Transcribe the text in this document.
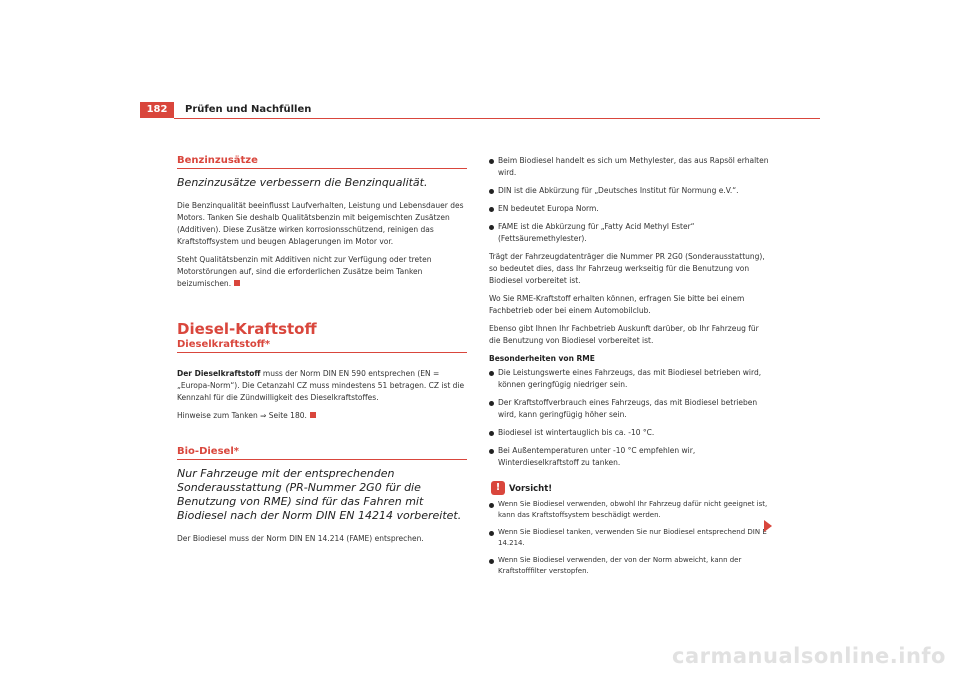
182	Prüfen und Nachfüllen
Benzinzusätze
Benzinzusätze verbessern die Benzinqualität.

Die Benzinqualität beeinflusst Laufverhalten, Leistung und Lebensdauer des Motors. Tanken Sie deshalb Qualitätsbenzin mit beigemischten Zusätzen (Additiven). Diese Zusätze wirken korrosionsschützend, reinigen das Kraftstoffsystem und beugen Ablagerungen im Motor vor.

Steht Qualitätsbenzin mit Additiven nicht zur Verfügung oder treten Motorstörungen auf, sind die erforderlichen Zusätze beim Tanken beizumischen.

Diesel-Kraftstoff
Dieselkraftstoff*

Der Dieselkraftstoff muss der Norm DIN EN 590 entsprechen (EN = „Europa-Norm“). Die Cetanzahl CZ muss mindestens 51 betragen. CZ ist die Kennzahl für die Zündwilligkeit des Dieselkraftstoffes.

Hinweise zum Tanken ⇒ Seite 180.

Bio-Diesel*
Nur Fahrzeuge mit der entsprechenden Sonderausstattung (PR-Nummer 2G0 für die Benutzung von RME) sind für das Fahren mit Biodiesel nach der Norm DIN EN 14214 vorbereitet.

Der Biodiesel muss der Norm DIN EN 14.214 (FAME) entsprechen.

Beim Biodiesel handelt es sich um Methylester, das aus Rapsöl erhalten wird.

DIN ist die Abkürzung für „Deutsches Institut für Normung e.V.“.

EN bedeutet Europa Norm.

FAME ist die Abkürzung für „Fatty Acid Methyl Ester“ (Fettsäuremethylester).

Trägt der Fahrzeugdatenträger die Nummer PR 2G0 (Sonderausstattung), so bedeutet dies, dass Ihr Fahrzeug werkseitig für die Benutzung von Biodiesel vorbereitet ist.

Wo Sie RME-Kraftstoff erhalten können, erfragen Sie bitte bei einem Fachbetrieb oder bei einem Automobilclub.

Ebenso gibt Ihnen Ihr Fachbetrieb Auskunft darüber, ob Ihr Fahrzeug für die Benutzung von Biodiesel vorbereitet ist.

Besonderheiten von RME

Die Leistungswerte eines Fahrzeugs, das mit Biodiesel betrieben wird, können geringfügig niedriger sein.

Der Kraftstoffverbrauch eines Fahrzeugs, das mit Biodiesel betrieben wird, kann geringfügig höher sein.

Biodiesel ist wintertauglich bis ca. -10 °C.

Bei Außentemperaturen unter -10 °C empfehlen wir, Winterdieselkraftstoff zu tanken.

!
Vorsicht!

Wenn Sie Biodiesel verwenden, obwohl Ihr Fahrzeug dafür nicht geeignet ist, kann das Kraftstoffsystem beschädigt werden.

Wenn Sie Biodiesel tanken, verwenden Sie nur Biodiesel entsprechend DIN E 14.214.

Wenn Sie Biodiesel verwenden, der von der Norm abweicht, kann der Kraftstofffilter verstopfen.

carmanualsonline.info
